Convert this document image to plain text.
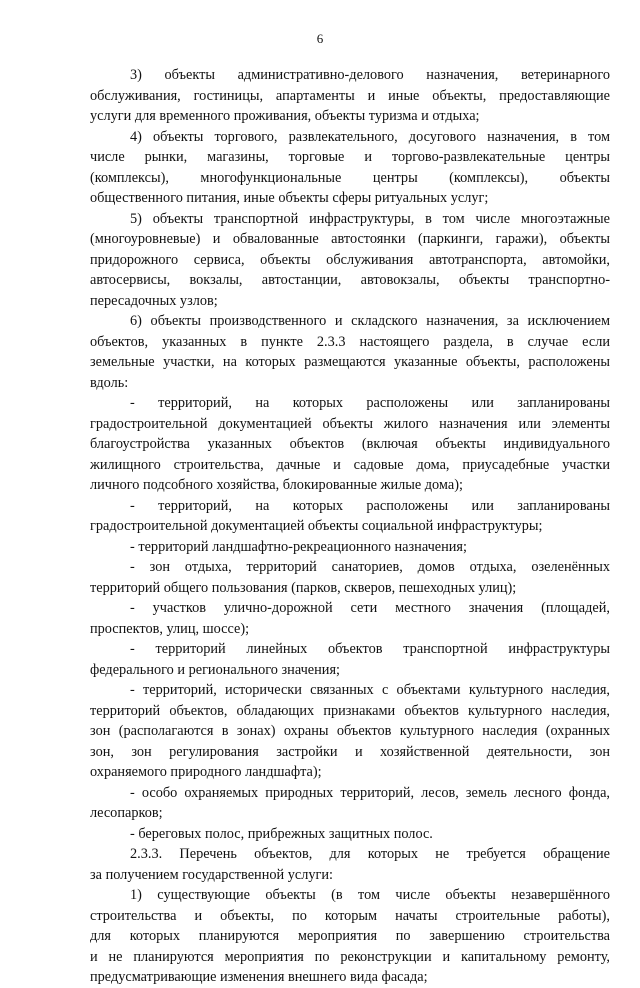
6
3) объекты административно-делового назначения, ветеринарного
обслуживания, гостиницы, апартаменты и иные объекты, предоставляющие
услуги для временного проживания, объекты туризма и отдыха;
4) объекты торгового, развлекательного, досугового назначения, в том
числе рынки, магазины, торговые и торгово-развлекательные центры
(комплексы), многофункциональные центры (комплексы), объекты
общественного питания, иные объекты сферы ритуальных услуг;
5) объекты транспортной инфраструктуры, в том числе многоэтажные
(многоуровневые) и обвалованные автостоянки (паркинги, гаражи), объекты
придорожного сервиса, объекты обслуживания автотранспорта, автомойки,
автосервисы, вокзалы, автостанции, автовокзалы, объекты транспортно-
пересадочных узлов;
6) объекты производственного и складского назначения, за исключением
объектов, указанных в пункте 2.3.3 настоящего раздела, в случае если
земельные участки, на которых размещаются указанные объекты, расположены
вдоль:
- территорий, на которых расположены или запланированы
градостроительной документацией объекты жилого назначения или элементы
благоустройства указанных объектов (включая объекты индивидуального
жилищного строительства, дачные и садовые дома, приусадебные участки
личного подсобного хозяйства, блокированные жилые дома);
- территорий, на которых расположены или запланированы
градостроительной документацией объекты социальной инфраструктуры;
- территорий ландшафтно-рекреационного назначения;
- зон отдыха, территорий санаториев, домов отдыха, озеленённых
территорий общего пользования (парков, скверов, пешеходных улиц);
- участков улично-дорожной сети местного значения (площадей,
проспектов, улиц, шоссе);
- территорий линейных объектов транспортной инфраструктуры
федерального и регионального значения;
- территорий, исторически связанных с объектами культурного наследия,
территорий объектов, обладающих признаками объектов культурного наследия,
зон (располагаются в зонах) охраны объектов культурного наследия (охранных
зон, зон регулирования застройки и хозяйственной деятельности, зон
охраняемого природного ландшафта);
- особо охраняемых природных территорий, лесов, земель лесного фонда,
лесопарков;
- береговых полос, прибрежных защитных полос.
2.3.3. Перечень объектов, для которых не требуется обращение
за получением государственной услуги:
1) существующие объекты (в том числе объекты незавершённого
строительства и объекты, по которым начаты строительные работы),
для которых планируются мероприятия по завершению строительства
и не планируются мероприятия по реконструкции и капитальному ремонту,
предусматривающие изменения внешнего вида фасада;
